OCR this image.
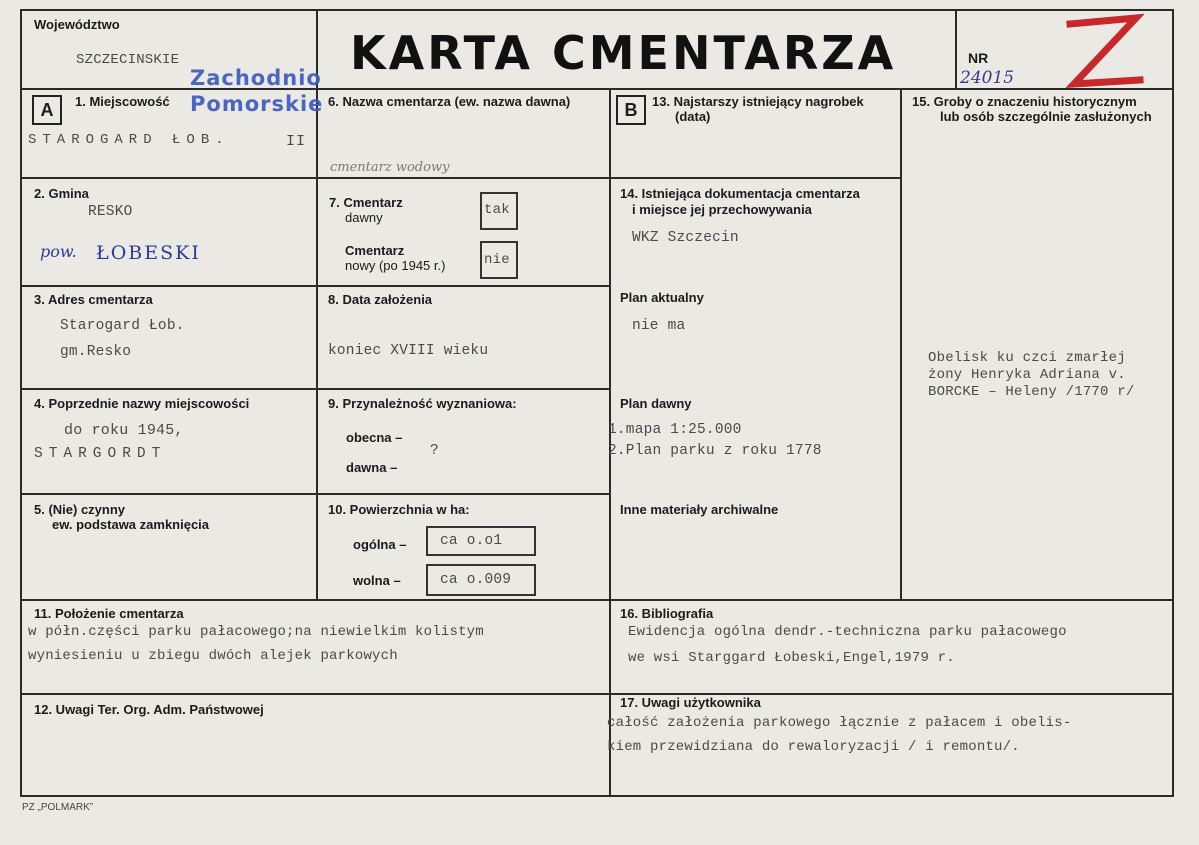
Województwo
SZCZECINSKIE
Zachodnio
Pomorskie
KARTA CMENTARZA	NR
24015
A	1. Miejscowość
STAROGARD ŁOB.	II
6. Nazwa cmentarza (ew. nazwa dawna)
cmentarz wodowy
2. Gmina
RESKO
pow. ŁOBESKI
7. Cmentarz
dawny	tak
Cmentarz
nowy (po 1945 r.)	nie
3. Adres cmentarza
Starogard Łob.
gm.Resko
8. Data założenia
koniec XVIII wieku
4. Poprzednie nazwy miejscowości
do roku 1945,
STARGORDT
9. Przynależność wyznaniowa:
obecna –
?
dawna –
5. (Nie) czynny
ew. podstawa zamknięcia
10. Powierzchnia w ha:
ogólna – ca o.o1
wolna –	ca o.009
B	13. Najstarszy istniejący nagrobek
(data)
14. Istniejąca dokumentacja cmentarza
i miejsce jej przechowywania
WKZ Szczecin
Plan aktualny
nie ma
Plan dawny
1.mapa 1:25.000
2.Plan parku z roku 1778
Inne materiały archiwalne
15. Groby o znaczeniu historycznym
lub osób szczególnie zasłużonych
Obelisk ku czci zmarłej
żony Henryka Adriana v.
BORCKE – Heleny /1770 r/
11. Położenie cmentarza
w półn.części parku pałacowego;na niewielkim kolistym
wyniesieniu u zbiegu dwóch alejek parkowych
16. Bibliografia
Ewidencja ogólna dendr.-techniczna parku pałacowego
we wsi Starggard Łobeski,Engel,1979 r.
12. Uwagi Ter. Org. Adm. Państwowej	17. Uwagi użytkownika
całość założenia parkowego łącznie z pałacem i obelis-
kiem przewidziana do rewaloryzacji / i remontu/.
PZ „POLMARK”
